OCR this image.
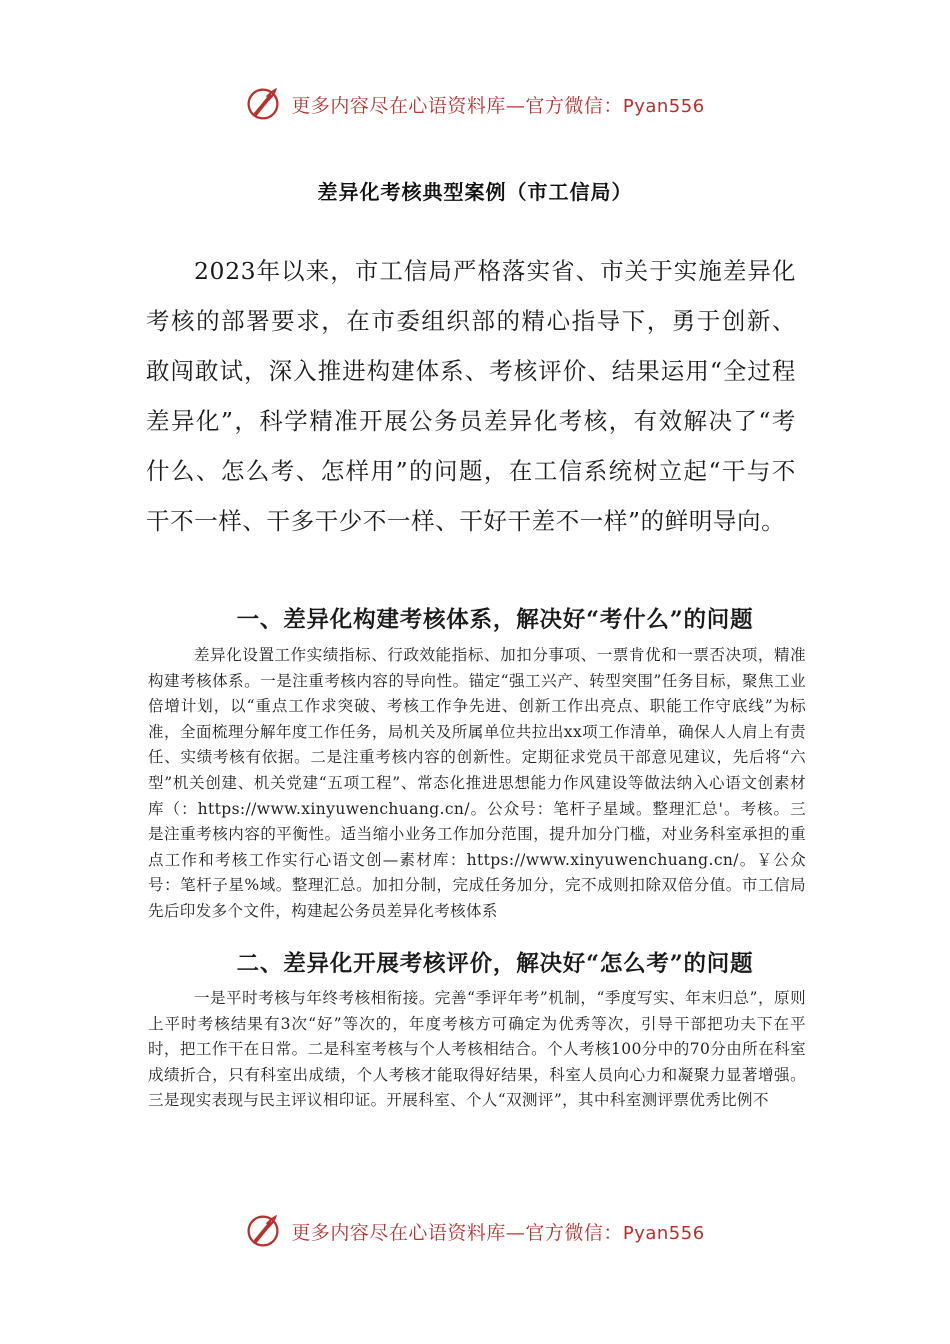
更多内容尽在心语资料库—官方微信：Pyan556
差异化考核典型案例（市工信局）

2023年以来，市工信局严格落实省、市关于实施差异化考核的部署要求，在市委组织部的精心指导下，勇于创新、敢闯敢试，深入推进构建体系、考核评价、结果运用“全过程差异化”，科学精准开展公务员差异化考核，有效解决了“考什么、怎么考、怎样用”的问题，在工信系统树立起“干与不干不一样、干多干少不一样、干好干差不一样”的鲜明导向。

一、差异化构建考核体系，解决好“考什么”的问题

差异化设置工作实绩指标、行政效能指标、加扣分事项、一票肯优和一票否决项，精准构建考核体系。一是注重考核内容的导向性。锚定“强工兴产、转型突围”任务目标，聚焦工业倍增计划，以“重点工作求突破、考核工作争先进、创新工作出亮点、职能工作守底线”为标准，全面梳理分解年度工作任务，局机关及所属单位共拉出xx项工作清单，确保人人肩上有责任、实绩考核有依据。二是注重考核内容的创新性。定期征求党员干部意见建议，先后将“六型”机关创建、机关党建“五项工程”、常态化推进思想能力作风建设等做法纳入心语文创素材库（：https://www.xinyuwenchuang.cn/。公众号：笔杆子星域。整理汇总'。考核。三是注重考核内容的平衡性。适当缩小业务工作加分范围，提升加分门槛，对业务科室承担的重点工作和考核工作实行心语文创—素材库：https://www.xinyuwenchuang.cn/。￥公众号：笔杆子星%域。整理汇总。加扣分制，完成任务加分，完不成则扣除双倍分值。市工信局先后印发多个文件，构建起公务员差异化考核体系

二、差异化开展考核评价，解决好“怎么考”的问题

一是平时考核与年终考核相衔接。完善“季评年考”机制，“季度写实、年末归总”，原则上平时考核结果有3次“好”等次的，年度考核方可确定为优秀等次，引导干部把功夫下在平时，把工作干在日常。二是科室考核与个人考核相结合。个人考核100分中的70分由所在科室成绩折合，只有科室出成绩，个人考核才能取得好结果，科室人员向心力和凝聚力显著增强。三是现实表现与民主评议相印证。开展科室、个人“双测评”，其中科室测评票优秀比例不

更多内容尽在心语资料库—官方微信：Pyan556
